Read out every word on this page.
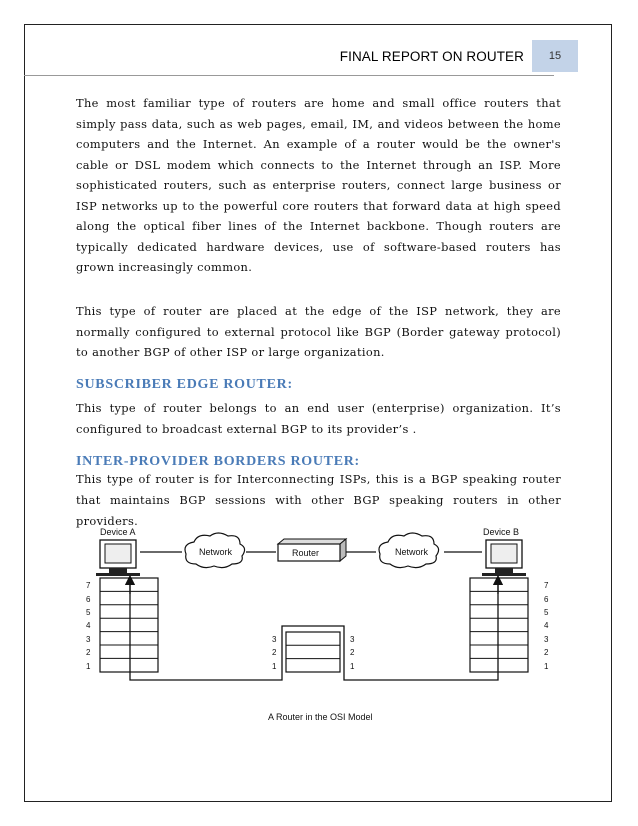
FINAL REPORT ON ROUTER	15

The most familiar type of routers are home and small office routers that simply pass data, such as web pages, email, IM, and videos between the home computers and the Internet. An example of a router would be the owner's cable or DSL modem which connects to the Internet through an ISP. More sophisticated routers, such as enterprise routers, connect large business or ISP networks up to the powerful core routers that forward data at high speed along the optical fiber lines of the Internet backbone. Though routers are typically dedicated hardware devices, use of software-based routers has grown increasingly common.

This type of router are placed at the edge of the ISP network, they are normally configured to external protocol like BGP (Border gateway protocol) to another BGP of other ISP or large organization.

SUBSCRIBER EDGE ROUTER:

This type of router belongs to an end user (enterprise) organization. It’s configured to broadcast external BGP to its provider’s .

INTER-PROVIDER BORDERS ROUTER:

This type of router is for Interconnecting ISPs, this is a BGP speaking router that maintains BGP sessions with other BGP speaking routers in other providers.

Device A	Device B
Network	Network
Router
7
6
5
4
3
2
1
7
6
5
4
3
2
1
3
2
1
3
2
1
A Router in the OSI Model
